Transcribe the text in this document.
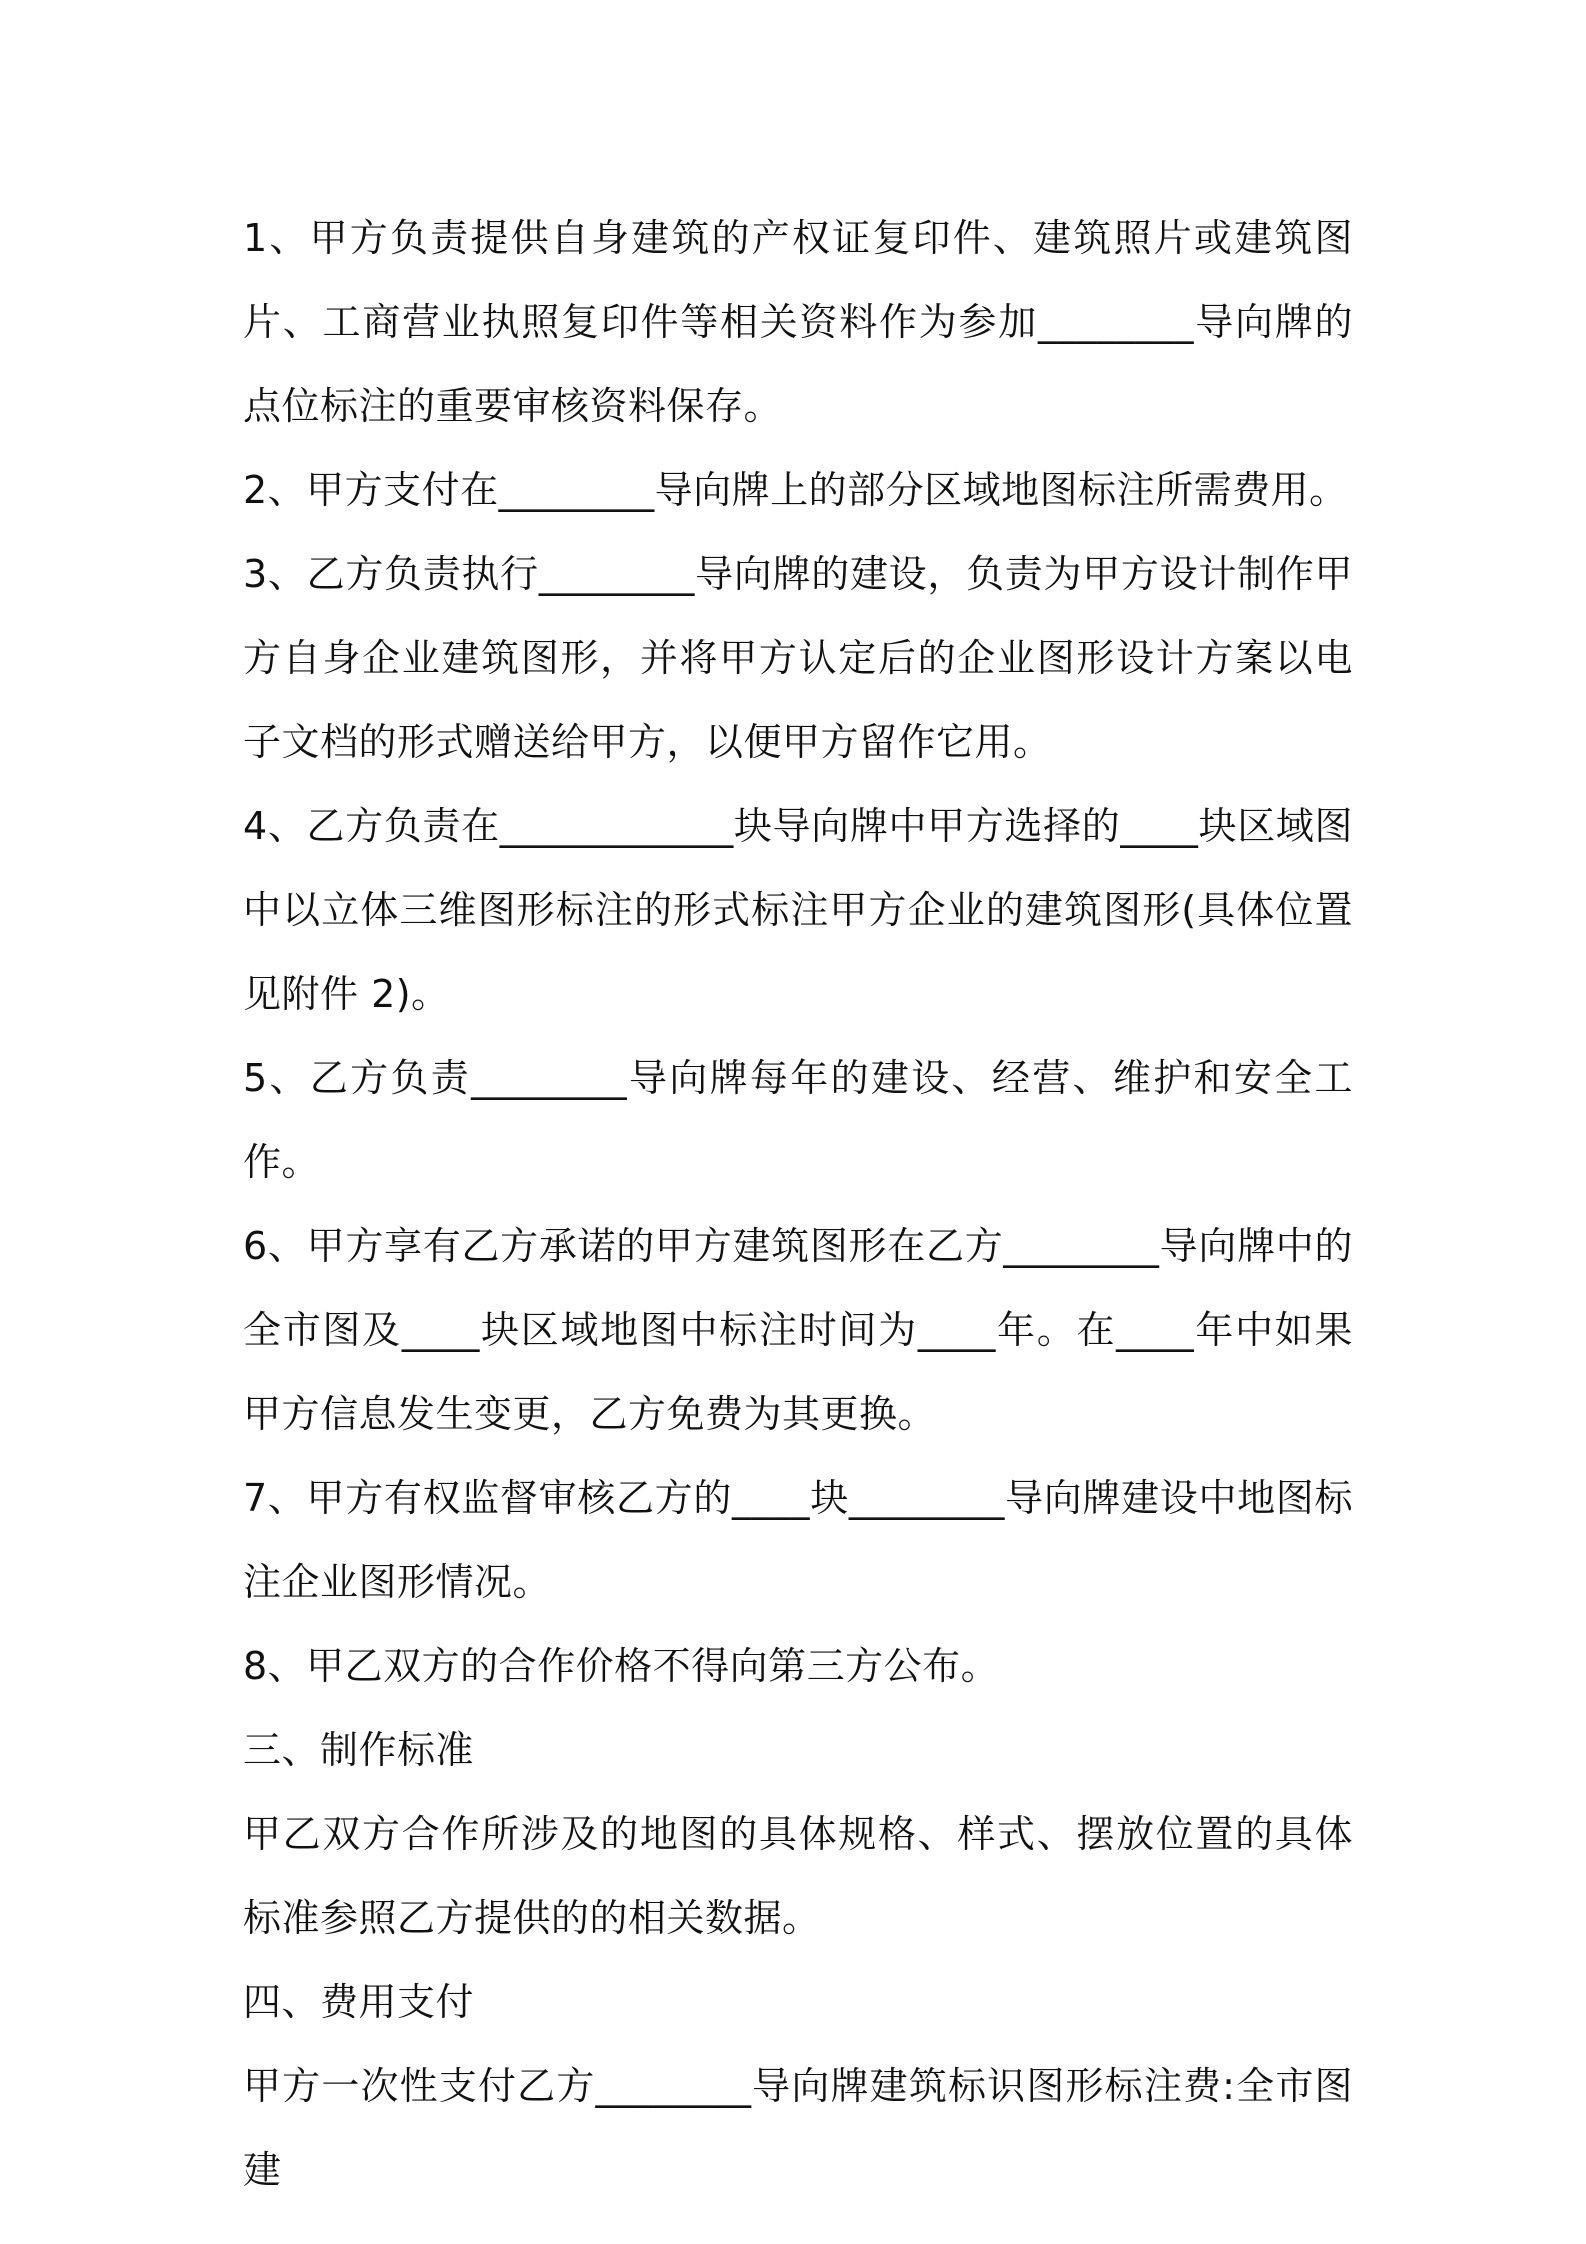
1、甲方负责提供自身建筑的产权证复印件、建筑照片或建筑图片、工商营业执照复印件等相关资料作为参加________导向牌的点位标注的重要审核资料保存。

2、甲方支付在________导向牌上的部分区域地图标注所需费用。

3、乙方负责执行________导向牌的建设，负责为甲方设计制作甲方自身企业建筑图形，并将甲方认定后的企业图形设计方案以电子文档的形式赠送给甲方，以便甲方留作它用。

4、乙方负责在____________块导向牌中甲方选择的____块区域图中以立体三维图形标注的形式标注甲方企业的建筑图形(具体位置见附件 2)。

5、乙方负责________导向牌每年的建设、经营、维护和安全工作。

6、甲方享有乙方承诺的甲方建筑图形在乙方________导向牌中的全市图及____块区域地图中标注时间为____年。在____年中如果甲方信息发生变更，乙方免费为其更换。

7、甲方有权监督审核乙方的____块________导向牌建设中地图标注企业图形情况。

8、甲乙双方的合作价格不得向第三方公布。

三、制作标准

甲乙双方合作所涉及的地图的具体规格、样式、摆放位置的具体标准参照乙方提供的的相关数据。

四、费用支付

甲方一次性支付乙方________导向牌建筑标识图形标注费:全市图建
